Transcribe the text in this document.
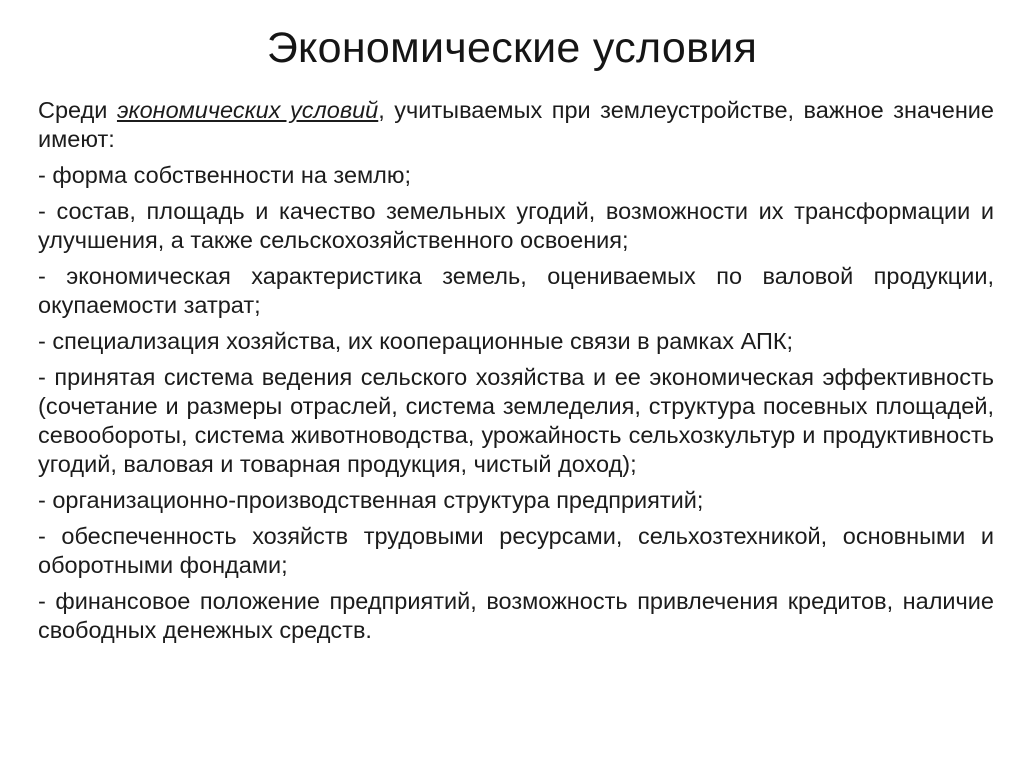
Экономические условия

Среди экономических условий, учитываемых при землеустройстве, важное значение имеют:

- форма собственности на землю;

- состав, площадь и качество земельных угодий, возможности их трансформации и улучшения, а также сельскохозяйственного освоения;

- экономическая характеристика земель, оцениваемых по валовой продукции, окупаемости затрат;

- специализация хозяйства, их кооперационные связи в рамках АПК;

- принятая система ведения сельского хозяйства и ее экономическая эффективность (сочетание и размеры отраслей, система земледелия, структура посевных площадей, севообороты, система животноводства, урожайность сельхозкультур и продуктивность угодий, валовая и товарная продукция, чистый доход);

- организационно-производственная структура предприятий;

- обеспеченность хозяйств трудовыми ресурсами, сельхозтехникой, основными и оборотными фондами;

- финансовое положение предприятий, возможность привлечения кредитов, наличие свободных денежных средств.
